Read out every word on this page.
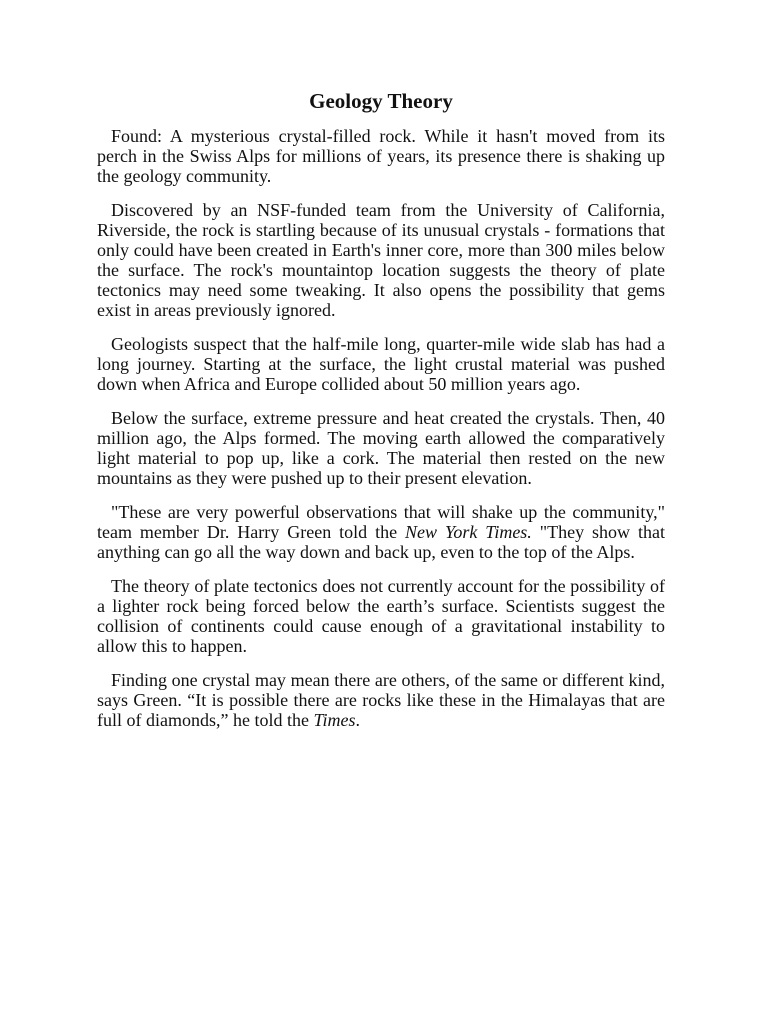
Geology Theory

Found: A mysterious crystal-filled rock. While it hasn't moved from its perch in the Swiss Alps for millions of years, its presence there is shaking up the geology community.

Discovered by an NSF-funded team from the University of California, Riverside, the rock is startling because of its unusual crystals - formations that only could have been created in Earth's inner core, more than 300 miles below the surface. The rock's mountaintop location suggests the theory of plate tectonics may need some tweaking. It also opens the possibility that gems exist in areas previously ignored.

Geologists suspect that the half-mile long, quarter-mile wide slab has had a long journey. Starting at the surface, the light crustal material was pushed down when Africa and Europe collided about 50 million years ago.

Below the surface, extreme pressure and heat created the crystals. Then, 40 million ago, the Alps formed. The moving earth allowed the comparatively light material to pop up, like a cork. The material then rested on the new mountains as they were pushed up to their present elevation.

"These are very powerful observations that will shake up the community," team member Dr. Harry Green told the New York Times. "They show that anything can go all the way down and back up, even to the top of the Alps.

The theory of plate tectonics does not currently account for the possibility of a lighter rock being forced below the earth’s surface. Scientists suggest the collision of continents could cause enough of a gravitational instability to allow this to happen.

Finding one crystal may mean there are others, of the same or different kind, says Green. “It is possible there are rocks like these in the Himalayas that are full of diamonds,” he told the Times.
